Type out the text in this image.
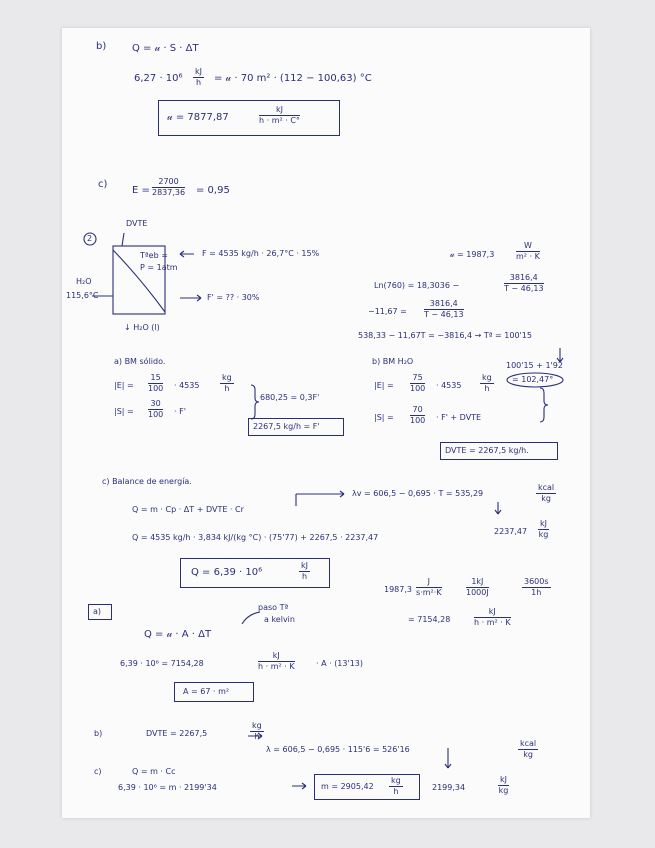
b)	Q = 𝓊 · S · ΔT
$6,27 \cdot 10^6 \frac{kJ}{h}$ = 𝓊 · 70 m² · (112 − 100,63) °C
𝓊 = 7877,87	$\frac{kJ}{\text{h · m² · C°}}$
c)
$E = \frac{2700}{2837,36} = 0,95$
2
DVTE
Tªeb =
P = 1atm
H₂O
115,6°C
↓ H₂O (l)
F = 4535 kg/h · 26,7°C · 15%
F' = ?? · 30%
𝓊 = 1987,3	$\frac{W}{\text{m² · K}}$
Ln(760) = 18,3036 −	$\frac{3816,4}{T - 46,13}$
$-11,67 = \frac{3816,4}{T - 46,13}$
538,33 − 11,67T = −3816,4 → Tª = 100'15
100'15 + 1'92
= 102,47°
a) BM sólido.
$|E| = \frac{15}{100} \cdot 4535$	$\frac{kg}{h}$
$|S| = \frac{30}{100} \cdot F'$
680,25 = 0,3F'
2267,5 kg/h = F'
b) BM H₂O
$|E| = \frac{75}{100} \cdot 4535 \frac{kg}{h}$
$|S| = \frac{70}{100} \cdot F'$ + DVTE
DVTE = 2267,5 kg/h.
c) Balance de energía.
Q = m · Cp · ΔT + DVTE · Cr
λv = 606,5 − 0,695 · T = 535,29
kcal
kg
$2237,47 \frac{kJ}{kg}$
Q = 4535 kg/h · 3,834 kJ/(kg °C) · (75'77) + 2267,5 · 2237,47
Q = 6,39 · 10⁶	$\frac{kJ}{h}$
$1987,3 \frac{J}{\text{s·m²·K}}$	$\frac{1kJ}{1000J}$	$\frac{3600s}{1h}$
= 7154,28	$\frac{kJ}{\text{h · m² · K}}$
a)	paso Tª
a kelvin
Q = 𝓊 · A · ΔT
6,39 · 10⁶ = 7154,28	$\frac{kJ}{\text{h · m² · K}}$	· A · (13'13)
A = 67 · m²
b)	DVTE = 2267,5	$\frac{kg}{h}$
c)	Q = m · Cc
λ = 606,5 − 0,695 · 115'6 = 526'16
kcal
kg
6,39 · 10⁶ = m · 2199'34	$m = 2905,42 \frac{kg}{h}$	2199,34	$\frac{kJ}{kg}$
